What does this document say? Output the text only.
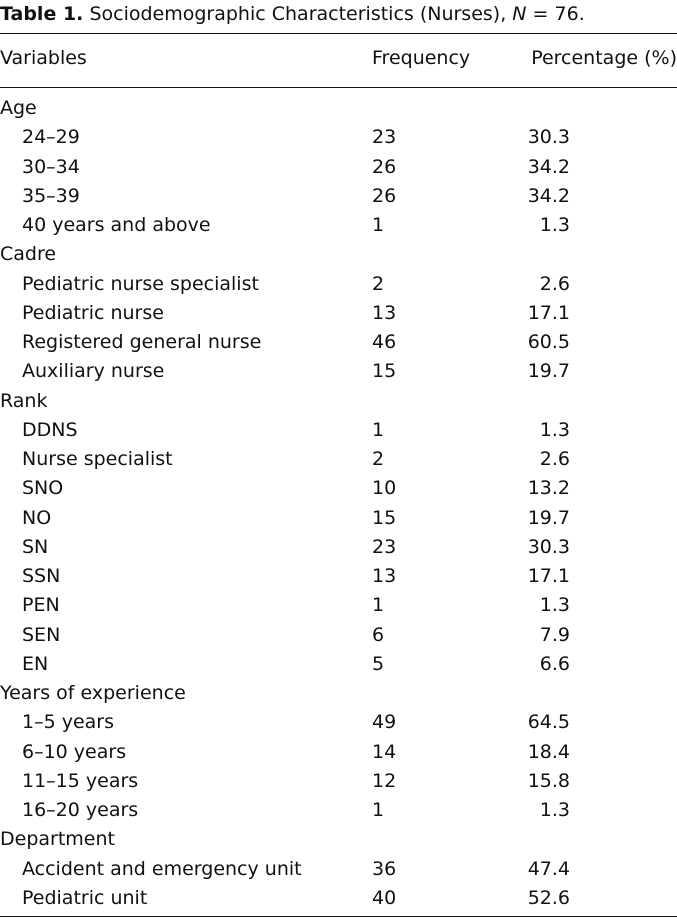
Table 1. Sociodemographic Characteristics (Nurses), N = 76.
Variables	Frequency	Percentage (%)
Age
24–29	23	30.3
30–34	26	34.2
35–39	26	34.2
40 years and above	1	1.3
Cadre
Pediatric nurse specialist	2	2.6
Pediatric nurse	13	17.1
Registered general nurse	46	60.5
Auxiliary nurse	15	19.7
Rank
DDNS	1	1.3
Nurse specialist	2	2.6
SNO	10	13.2
NO	15	19.7
SN	23	30.3
SSN	13	17.1
PEN	1	1.3
SEN	6	7.9
EN	5	6.6
Years of experience
1–5 years	49	64.5
6–10 years	14	18.4
11–15 years	12	15.8
16–20 years	1	1.3
Department
Accident and emergency unit	36	47.4
Pediatric unit	40	52.6
